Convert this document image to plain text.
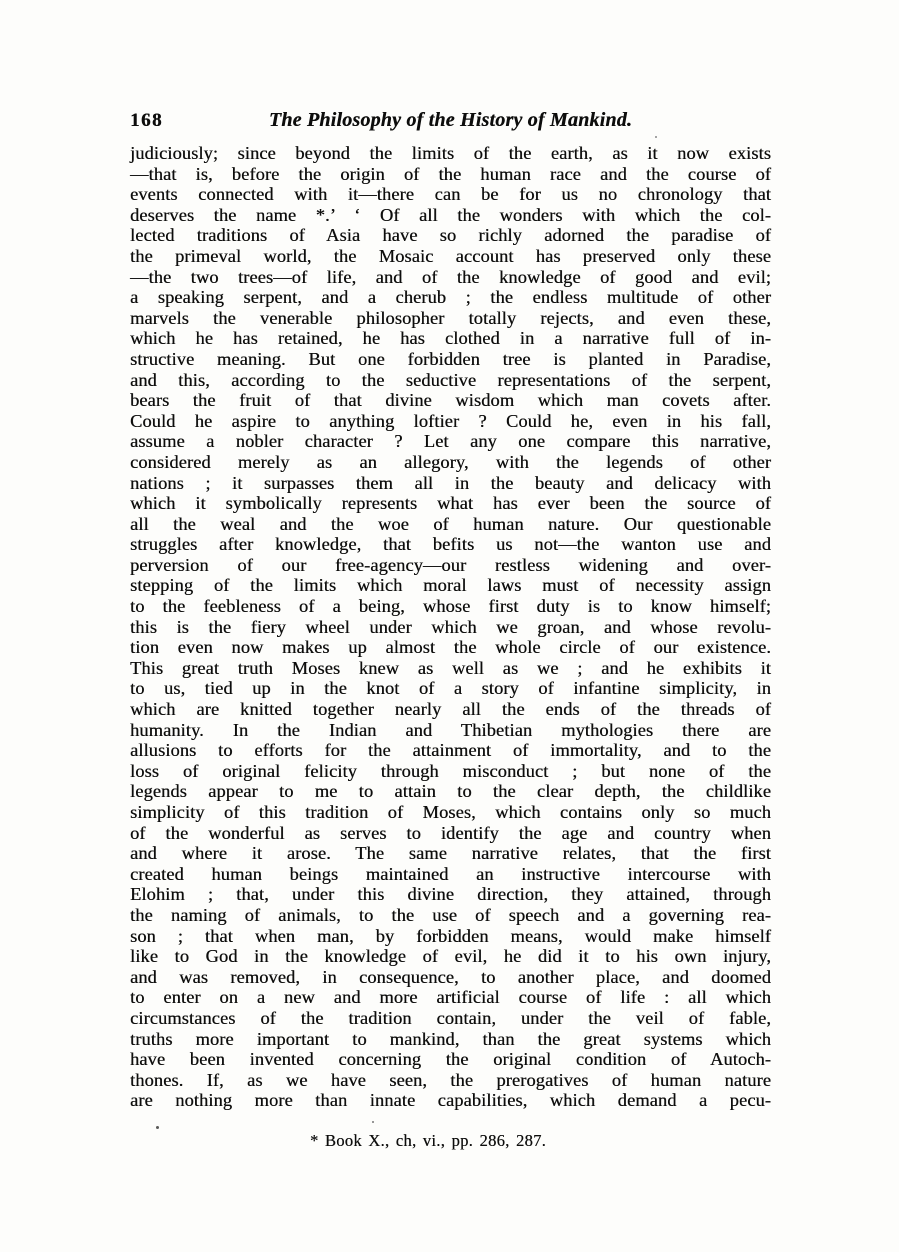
168	The Philosophy of the History of Mankind.
judiciously; since beyond the limits of the earth, as it now exists
—that is, before the origin of the human race and the course of
events connected with it—there can be for us no chronology that
deserves the name *.’ ‘ Of all the wonders with which the col-
lected traditions of Asia have so richly adorned the paradise of
the primeval world, the Mosaic account has preserved only these
—the two trees—of life, and of the knowledge of good and evil;
a speaking serpent, and a cherub ; the endless multitude of other
marvels the venerable philosopher totally rejects, and even these,
which he has retained, he has clothed in a narrative full of in-
structive meaning. But one forbidden tree is planted in Paradise,
and this, according to the seductive representations of the serpent,
bears the fruit of that divine wisdom which man covets after.
Could he aspire to anything loftier ? Could he, even in his fall,
assume a nobler character ? Let any one compare this narrative,
considered merely as an allegory, with the legends of other
nations ; it surpasses them all in the beauty and delicacy with
which it symbolically represents what has ever been the source of
all the weal and the woe of human nature. Our questionable
struggles after knowledge, that befits us not—the wanton use and
perversion of our free-agency—our restless widening and over-
stepping of the limits which moral laws must of necessity assign
to the feebleness of a being, whose first duty is to know himself;
this is the fiery wheel under which we groan, and whose revolu-
tion even now makes up almost the whole circle of our existence.
This great truth Moses knew as well as we ; and he exhibits it
to us, tied up in the knot of a story of infantine simplicity, in
which are knitted together nearly all the ends of the threads of
humanity. In the Indian and Thibetian mythologies there are
allusions to efforts for the attainment of immortality, and to the
loss of original felicity through misconduct ; but none of the
legends appear to me to attain to the clear depth, the childlike
simplicity of this tradition of Moses, which contains only so much
of the wonderful as serves to identify the age and country when
and where it arose. The same narrative relates, that the first
created human beings maintained an instructive intercourse with
Elohim ; that, under this divine direction, they attained, through
the naming of animals, to the use of speech and a governing rea-
son ; that when man, by forbidden means, would make himself
like to God in the knowledge of evil, he did it to his own injury,
and was removed, in consequence, to another place, and doomed
to enter on a new and more artificial course of life : all which
circumstances of the tradition contain, under the veil of fable,
truths more important to mankind, than the great systems which
have been invented concerning the original condition of Autoch-
thones. If, as we have seen, the prerogatives of human nature
are nothing more than innate capabilities, which demand a pecu-
* Book X., ch, vi., pp. 286, 287.
